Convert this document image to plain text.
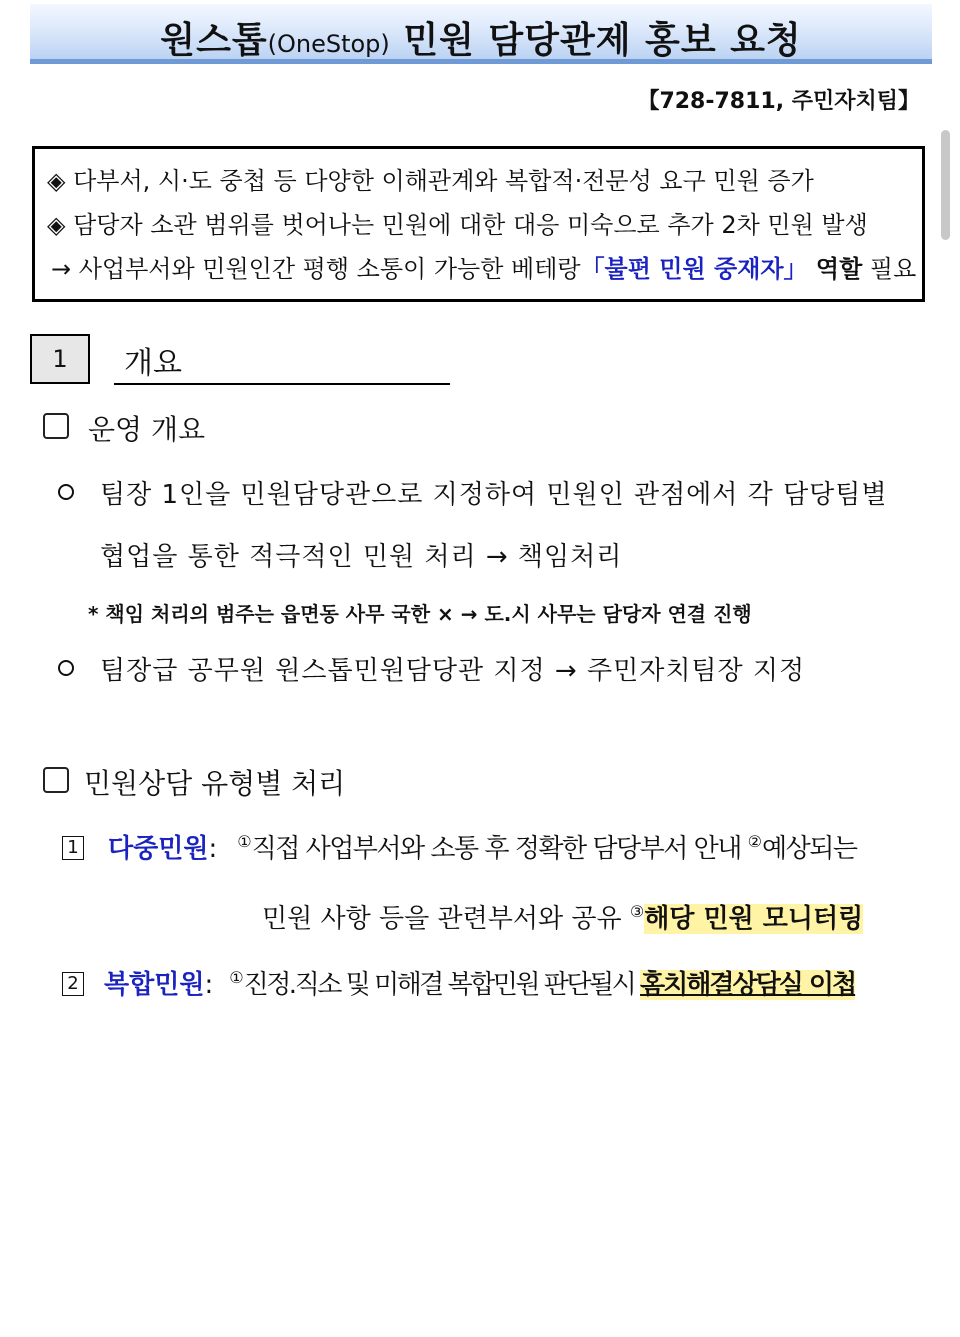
원스톱(OneStop) 민원 담당관제 홍보 요청
【728-7811, 주민자치팀】
◈ 다부서, 시·도 중첩 등 다양한 이해관계와 복합적·전문성 요구 민원 증가
◈ 담당자 소관 범위를 벗어나는 민원에 대한 대응 미숙으로 추가 2차 민원 발생
→ 사업부서와 민원인간 평행 소통이 가능한 베테랑「불편 민원 중재자」 역할 필요
1	개요
운영 개요
팀장 1인을 민원담당관으로 지정하여 민원인 관점에서 각 담당팀별
협업을 통한 적극적인 민원 처리 → 책임처리
* 책임 처리의 범주는 읍면동 사무 국한 × → 도.시 사무는 담당자 연결 진행
팀장급 공무원 원스톱민원담당관 지정 → 주민자치팀장 지정
민원상담 유형별 처리
1 다중민원: ①직접 사업부서와 소통 후 정확한 담당부서 안내 ②예상되는
민원 사항 등을 관련부서와 공유 ③해당 민원 모니터링
2 복합민원: ①진정.직소 및 미해결 복합민원 판단될시 홈치해결상담실 이첩
